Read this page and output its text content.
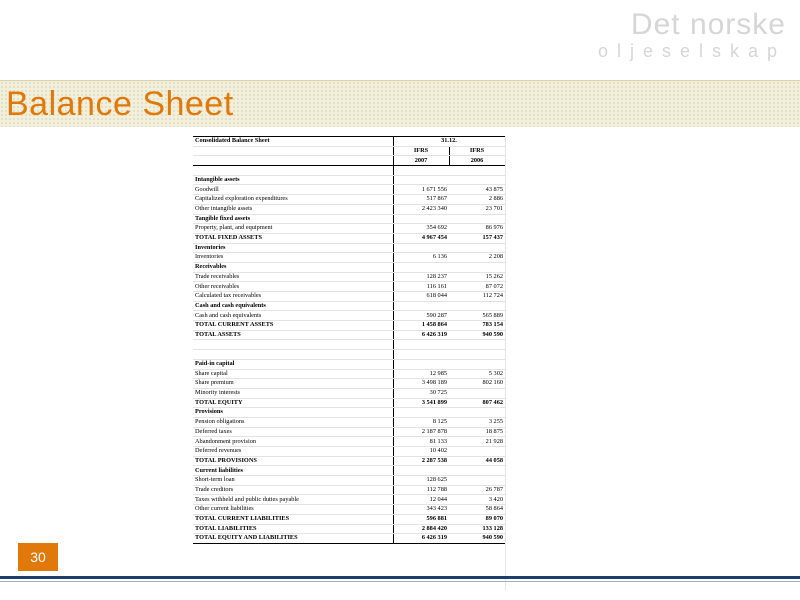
Det norske
oljeselskap
Balance Sheet
Consolidated Balance Sheet	31.12.	
	IFRS	IFRS
	2007	2006

Intangible assets		
Goodwill	1 671 556	43 875
Capitalized exploration expenditures	517 867	2 886
Other intangible assets	2 423 340	23 701
Tangible fixed assets		
Property, plant, and equipment	354 692	86 976
TOTAL FIXED ASSETS	4 967 454	157 437
Inventories		
Inventories	6 136	2 208
Receivables		
Trade receivables	128 237	15 262
Other receivables	116 161	87 072
Calculated tax receivables	618 044	112 724
Cash and cash equivalents		
Cash and cash equivalents	590 287	565 889
TOTAL CURRENT ASSETS	1 458 864	783 154
TOTAL ASSETS	6 426 319	940 590

Paid-in capital		
Share capital	12 985	5 302
Share premium	3 498 189	802 160
Minority interests	30 725	
TOTAL EQUITY	3 541 899	807 462
Provisions		
Pension obligations	8 125	3 255
Deferred taxes	2 187 878	18 875
Abandonment provision	81 133	21 928
Deferred revenues	10 402	
TOTAL PROVISIONS	2 287 538	44 058
Current liabilities		
Short-term loan	128 625	
Trade creditors	112 788	26 787
Taxes withheld and public duties payable	12 044	3 420
Other current liabilities	343 423	58 864
TOTAL CURRENT LIABILITIES	596 881	89 070
TOTAL LIABILITIES	2 884 420	133 128
TOTAL EQUITY AND LIABILITIES	6 426 319	940 590
30
